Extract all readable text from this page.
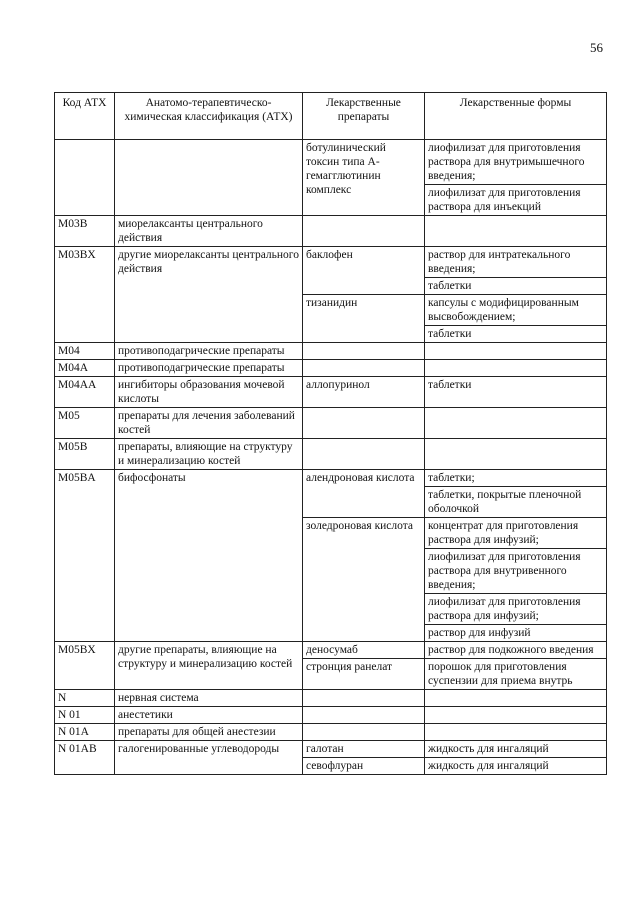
56
Код АТХ	Анатомо-терапевтическо-химическая классификация (АТХ)	Лекарственные препараты	Лекарственные формы
		ботулинический токсин типа А-гемагглютинин комплекс	лиофилизат для приготовления раствора для внутримышечного введения;
лиофилизат для приготовления раствора для инъекций

M03B	миорелаксанты центрального действия		

M03BX	другие миорелаксанты центрального действия	баклофен	раствор для интратекального введения;
таблетки

		тизанидин	капсулы с модифицированным высвобождением;
таблетки

M04	противоподагрические препараты		

M04A	противоподагрические препараты		

M04AA	ингибиторы образования мочевой кислоты	аллопуринол	таблетки

M05	препараты для лечения заболеваний костей		

M05B	препараты, влияющие на структуру и минерализацию костей		

M05BA	бифосфонаты	алендроновая кислота	таблетки;
таблетки, покрытые пленочной оболочкой

		золедроновая кислота	концентрат для приготовления раствора для инфузий;
лиофилизат для приготовления раствора для внутривенного введения;
лиофилизат для приготовления раствора для инфузий;
раствор для инфузий

M05BX	другие препараты, влияющие на структуру и минерализацию костей	деносумаб	раствор для подкожного введения

		стронция ранелат	порошок для приготовления суспензии для приема внутрь

N	нервная система		

N 01	анестетики		

N 01A	препараты для общей анестезии		

N 01AB	галогенированные углеводороды	галотан	жидкость для ингаляций

		севофлуран	жидкость для ингаляций
